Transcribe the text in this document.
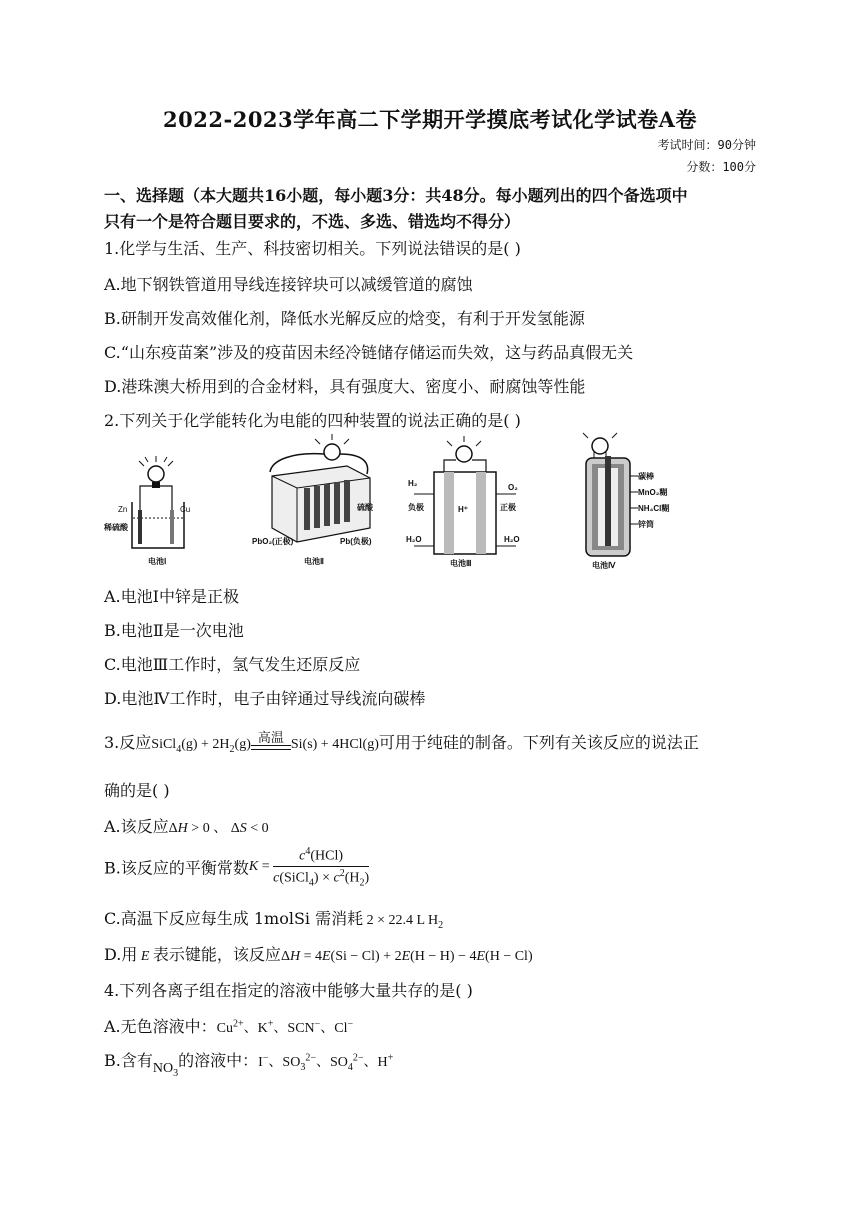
2022-2023学年高二下学期开学摸底考试化学试卷A卷
考试时间：90分钟
分数：100分
一、选择题（本大题共16小题，每小题3分：共48分。每小题列出的四个备选项中
只有一个是符合题目要求的，不选、多选、错选均不得分）
1.化学与生活、生产、科技密切相关。下列说法错误的是( )
A.地下钢铁管道用导线连接锌块可以减缓管道的腐蚀
B.研制开发高效催化剂，降低水光解反应的焓变，有利于开发氢能源
C.“山东疫苗案”涉及的疫苗因未经冷链储存储运而失效，这与药品真假无关
D.港珠澳大桥用到的合金材料，具有强度大、密度小、耐腐蚀等性能
2.下列关于化学能转化为电能的四种装置的说法正确的是( )
Zn	Cu
稀硫酸
电池Ⅰ
硫酸
PbO₂(正极)	Pb(负极)
电池Ⅱ
H₂	O₂
负极	正极
H⁺
H₂O	H₂O
电池Ⅲ
碳棒
MnO₂糊
NH₄Cl糊
锌筒
电池Ⅳ
A.电池Ⅰ中锌是正极
B.电池Ⅱ是一次电池
C.电池Ⅲ工作时，氢气发生还原反应
D.电池Ⅳ工作时，电子由锌通过导线流向碳棒
3.反应SiCl$_4$(g) + $2H_2(g)$ 高温 Si(s) + 4HCl(g)可用于纯硅的制备。下列有关该反应的说法正
确的是( )
A.该反应ΔH > 0 、 ΔS < 0
B.该反应的平衡常数$K = \frac{c^4(HCl)}{c(SiCl_4) \times c^2(H_2)}$
C.高温下反应每生成 1molSi 需消耗 2 × 22.4 L $H_2$
D.用 E 表示键能，该反应ΔH = 4E(Si − Cl) + 2E(H − H) − 4E(H − Cl)
4.下列各离子组在指定的溶液中能够大量共存的是( )
A.无色溶液中：$Cu^{2+}$、K+、SCN−、Cl−
B.含有$NO_3$的溶液中：I−、$SO_3^{2-}$、$SO_4^{2-}$、H+
